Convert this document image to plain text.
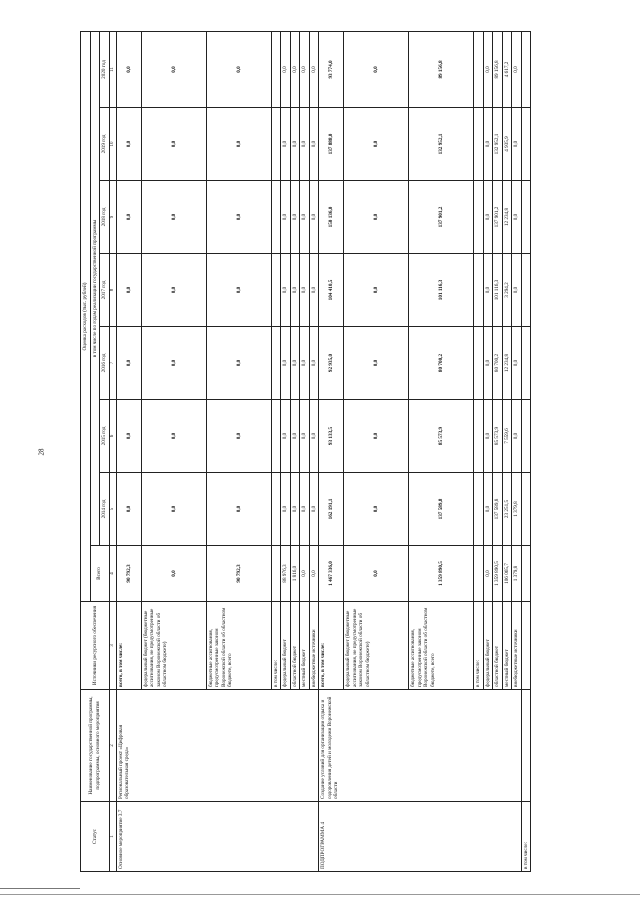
28
Статус	Наименование государственной программы, подпрограммы, основного мероприятия	Источники ресурсного обеспечения	Оценка расходов (тыс. рублей)							
			Всего	в том числе по годам реализации государственной программы						
				2014 год	2015 год	2016 год	2017 год	2018 год	2019 год	2020 год
1	2	3	4	5	6	7	8	9	10	11
Основное мероприятие 3.7	Региональный проект «Цифровая образовательная среда»	всего, в том числе:	90 792,3	0,0	0,0	0,0	0,0	0,0	0,0	0,0
		федеральный бюджет (бюджетные ассигнования, не предусмотренные законом Воронежской области об областном бюджете)	0,0	0,0	0,0	0,0	0,0	0,0	0,0	0,0
		бюджетные ассигнования, предусмотренные законом Воронежской области об областном бюджете, всего	90 792,3	0,0	0,0	0,0	0,0	0,0	0,0	0,0
		в том числе:								
		федеральный бюджет	88 976,3	0,0	0,0	0,0	0,0	0,0	0,0	0,0
		областной бюджет	1 816,0	0,0	0,0	0,0	0,0	0,0	0,0	0,0
		местный бюджет	0,0	0,0	0,0	0,0	0,0	0,0	0,0	0,0
		внебюджетные источники	0,0	0,0	0,0	0,0	0,0	0,0	0,0	0,0
ПОДПРОГРАММА 4	Создание условий для организации отдыха и оздоровления детей и молодежи Воронежской области	всего, в том числе:	1 467 336,0	162 191,1	93 133,5	92 935,0	104 410,5	150 136,0	137 888,0	93 774,0
		федеральный бюджет (бюджетные ассигнования, не предусмотренные законом Воронежской области об областном бюджете)	0,0	0,0	0,0	0,0	0,0	0,0	0,0	0,0
		бюджетные ассигнования, предусмотренные законом Воронежской области об областном бюджете, всего	1 359 890,5	137 589,8	85 573,9	80 700,2	101 116,3	137 901,2	132 952,1	89 156,8
		в том числе:								
		федеральный бюджет	0,0	0,0	0,0	0,0	0,0	0,0	0,0	0,0
		областной бюджет	1 359 890,5	137 589,8	85 573,9	80 700,2	101 116,3	137 901,2	132 952,1	89 156,8
		местный бюджет	106 065,7	23 251,5	7 559,6	12 234,8	3 294,2	12 234,8	4 935,9	4 617,2
		внебюджетные источники	1 379,8	1 379,8	0,0	0,0	0,0	0,0	0,0	0,0
в том числе:										
